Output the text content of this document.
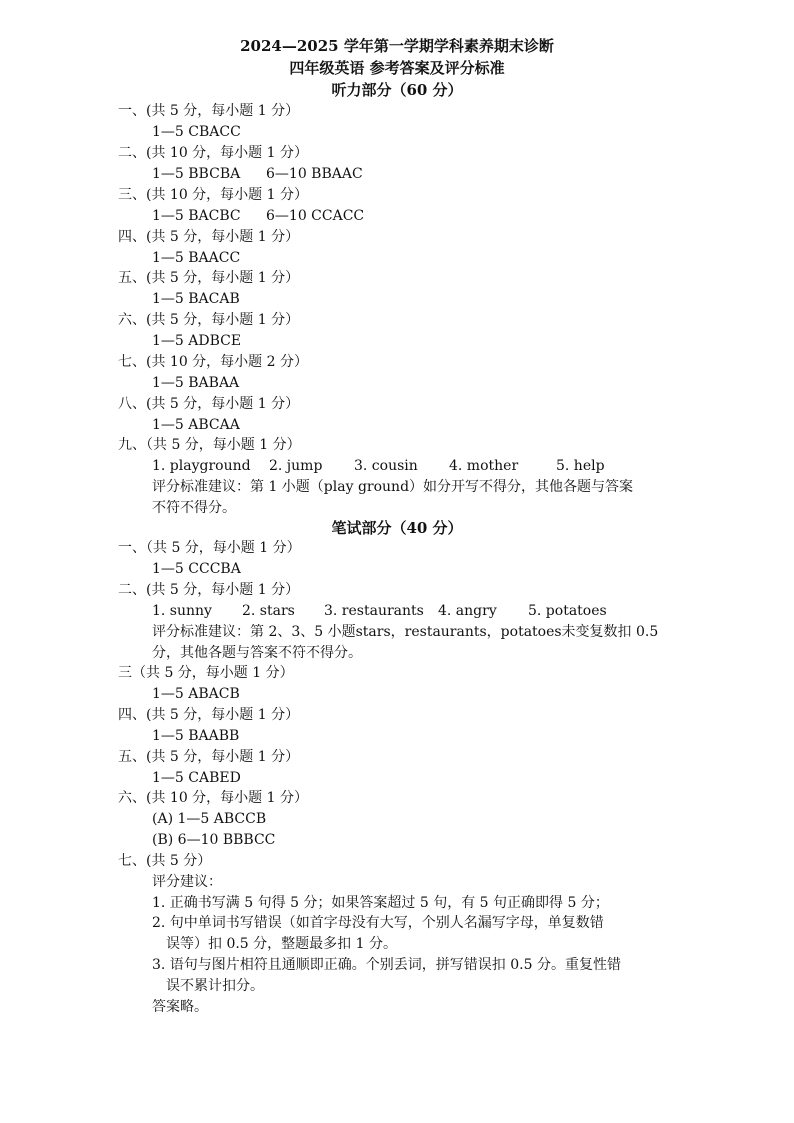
2024—2025 学年第一学期学科素养期末诊断
四年级英语 参考答案及评分标准
听力部分（60 分）
一、(共 5 分，每小题 1 分）
1—5 CBACC
二、(共 10 分，每小题 1 分）
1—5 BBCBA 6—10 BBAAC
三、(共 10 分，每小题 1 分）
1—5 BACBC 6—10 CCACC
四、(共 5 分，每小题 1 分）
1—5 BAACC
五、(共 5 分，每小题 1 分）
1—5 BACAB
六、(共 5 分，每小题 1 分）
1—5 ADBCE
七、(共 10 分，每小题 2 分）
1—5 BABAA
八、(共 5 分，每小题 1 分）
1—5 ABCAA
九、（共 5 分，每小题 1 分）
1. playground 2. jump 3. cousin 4. mother	5. help
评分标准建议：第 1 小题（play ground）如分开写不得分，其他各题与答案
不符不得分。
笔试部分（40 分）
一、（共 5 分，每小题 1 分）
1—5 CCCBA
二、(共 5 分，每小题 1 分）
1. sunny 2. stars 3. restaurants 4. angry 5. potatoes
评分标准建议：第 2、3、5 小题stars，restaurants，potatoes未变复数扣 0.5
分，其他各题与答案不符不得分。
三（共 5 分，每小题 1 分）
1—5 ABACB
四、(共 5 分，每小题 1 分）
1—5 BAABB
五、(共 5 分，每小题 1 分）
1—5 CABED
六、(共 10 分，每小题 1 分）
(A) 1—5 ABCCB
(B) 6—10 BBBCC
七、(共 5 分）
评分建议：
1. 正确书写满 5 句得 5 分；如果答案超过 5 句，有 5 句正确即得 5 分；
2. 句中单词书写错误（如首字母没有大写，个别人名漏写字母，单复数错
误等）扣 0.5 分，整题最多扣 1 分。
3. 语句与图片相符且通顺即正确。个别丢词，拼写错误扣 0.5 分。重复性错
误不累计扣分。
答案略。
